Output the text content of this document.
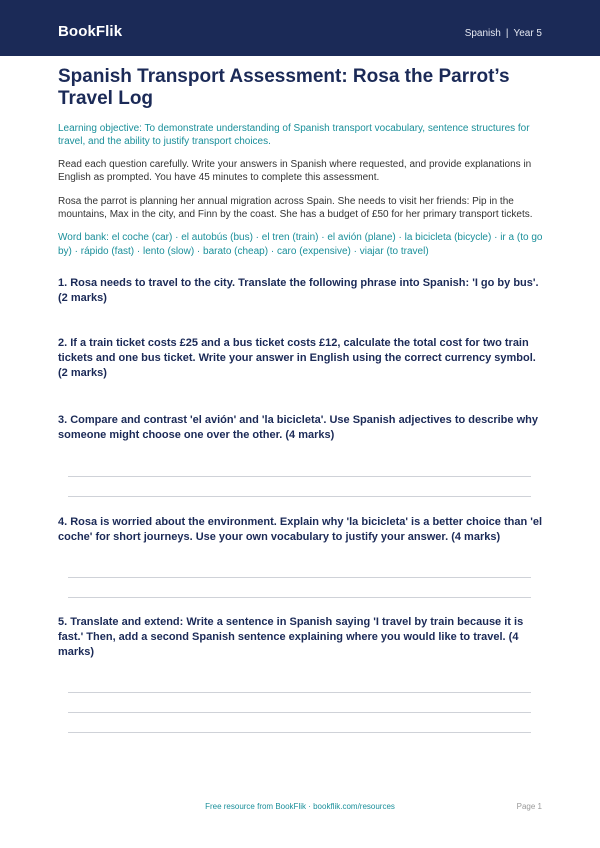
BookFlik	Spanish | Year 5
Spanish Transport Assessment: Rosa the Parrot’s Travel Log
Learning objective: To demonstrate understanding of Spanish transport vocabulary, sentence structures for travel, and the ability to justify transport choices.
Read each question carefully. Write your answers in Spanish where requested, and provide explanations in English as prompted. You have 45 minutes to complete this assessment.
Rosa the parrot is planning her annual migration across Spain. She needs to visit her friends: Pip in the mountains, Max in the city, and Finn by the coast. She has a budget of £50 for her primary transport tickets.
Word bank: el coche (car) · el autobús (bus) · el tren (train) · el avión (plane) · la bicicleta (bicycle) · ir a (to go by) · rápido (fast) · lento (slow) · barato (cheap) · caro (expensive) · viajar (to travel)
1. Rosa needs to travel to the city. Translate the following phrase into Spanish: 'I go by bus'. (2 marks)
2. If a train ticket costs £25 and a bus ticket costs £12, calculate the total cost for two train tickets and one bus ticket. Write your answer in English using the correct currency symbol. (2 marks)
3. Compare and contrast 'el avión' and 'la bicicleta'. Use Spanish adjectives to describe why someone might choose one over the other. (4 marks)
4. Rosa is worried about the environment. Explain why 'la bicicleta' is a better choice than 'el coche' for short journeys. Use your own vocabulary to justify your answer. (4 marks)
5. Translate and extend: Write a sentence in Spanish saying 'I travel by train because it is fast.' Then, add a second Spanish sentence explaining where you would like to travel. (4 marks)
Free resource from BookFlik · bookflik.com/resources	Page 1
